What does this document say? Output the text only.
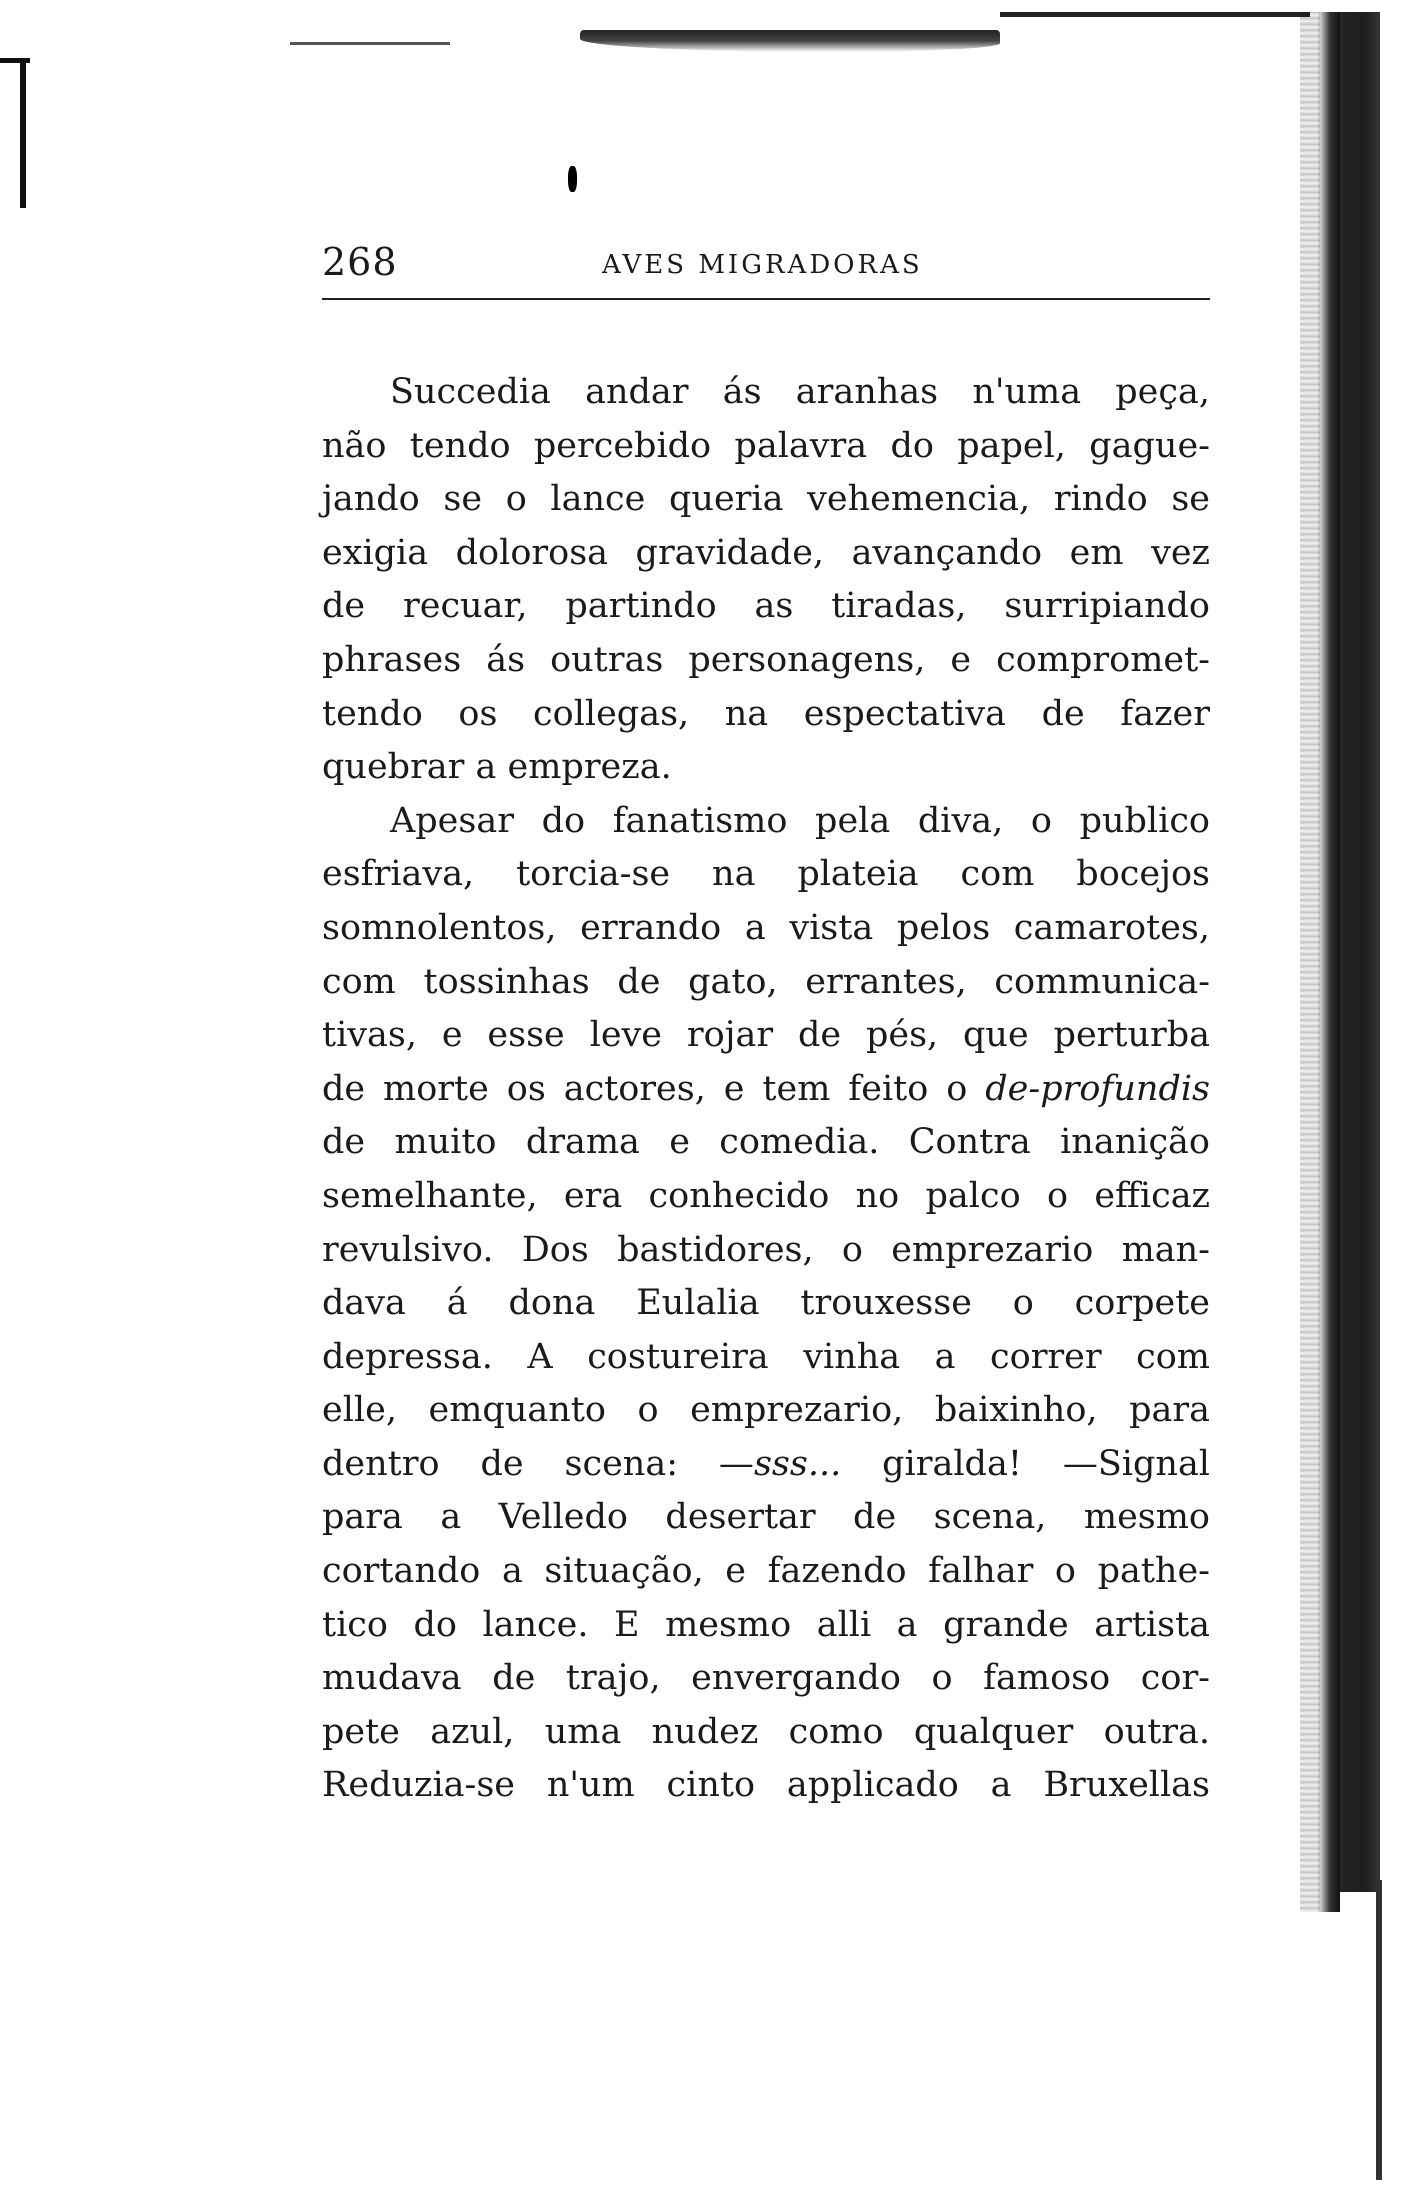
268	AVES MIGRADORAS
Succedia andar ás aranhas n'uma peça,
não tendo percebido palavra do papel, gague-
jando se o lance queria vehemencia, rindo se
exigia dolorosa gravidade, avançando em vez
de recuar, partindo as tiradas, surripiando
phrases ás outras personagens, e compromet-
tendo os collegas, na espectativa de fazer
quebrar a empreza.
Apesar do fanatismo pela diva, o publico
esfriava, torcia-se na plateia com bocejos
somnolentos, errando a vista pelos camarotes,
com tossinhas de gato, errantes, communica-
tivas, e esse leve rojar de pés, que perturba
de morte os actores, e tem feito o de-profundis
de muito drama e comedia. Contra inanição
semelhante, era conhecido no palco o efficaz
revulsivo. Dos bastidores, o emprezario man-
dava á dona Eulalia trouxesse o corpete
depressa. A costureira vinha a correr com
elle, emquanto o emprezario, baixinho, para
dentro de scena: —sss... giralda! —Signal
para a Velledo desertar de scena, mesmo
cortando a situação, e fazendo falhar o pathe-
tico do lance. E mesmo alli a grande artista
mudava de trajo, envergando o famoso cor-
pete azul, uma nudez como qualquer outra.
Reduzia-se n'um cinto applicado a Bruxellas
